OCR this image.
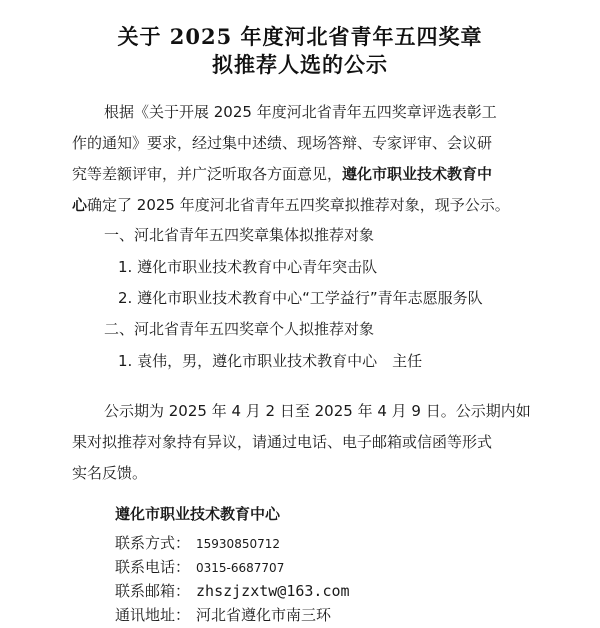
关于 2025 年度河北省青年五四奖章
拟推荐人选的公示
根据《关于开展 2025 年度河北省青年五四奖章评选表彰工
作的通知》要求，经过集中述绩、现场答辩、专家评审、会议研
究等差额评审，并广泛听取各方面意见，遵化市职业技术教育中
心确定了 2025 年度河北省青年五四奖章拟推荐对象，现予公示。
一、河北省青年五四奖章集体拟推荐对象
1. 遵化市职业技术教育中心青年突击队
2. 遵化市职业技术教育中心“工学益行”青年志愿服务队
二、河北省青年五四奖章个人拟推荐对象
1. 袁伟，男，遵化市职业技术教育中心　主任
公示期为 2025 年 4 月 2 日至 2025 年 4 月 9 日。公示期内如
果对拟推荐对象持有异议，请通过电话、电子邮箱或信函等形式
实名反馈。
遵化市职业技术教育中心
联系方式： 15930850712
联系电话： 0315-6687707
联系邮箱： zhszjzxtw@163.com
通讯地址： 河北省遵化市南三环
